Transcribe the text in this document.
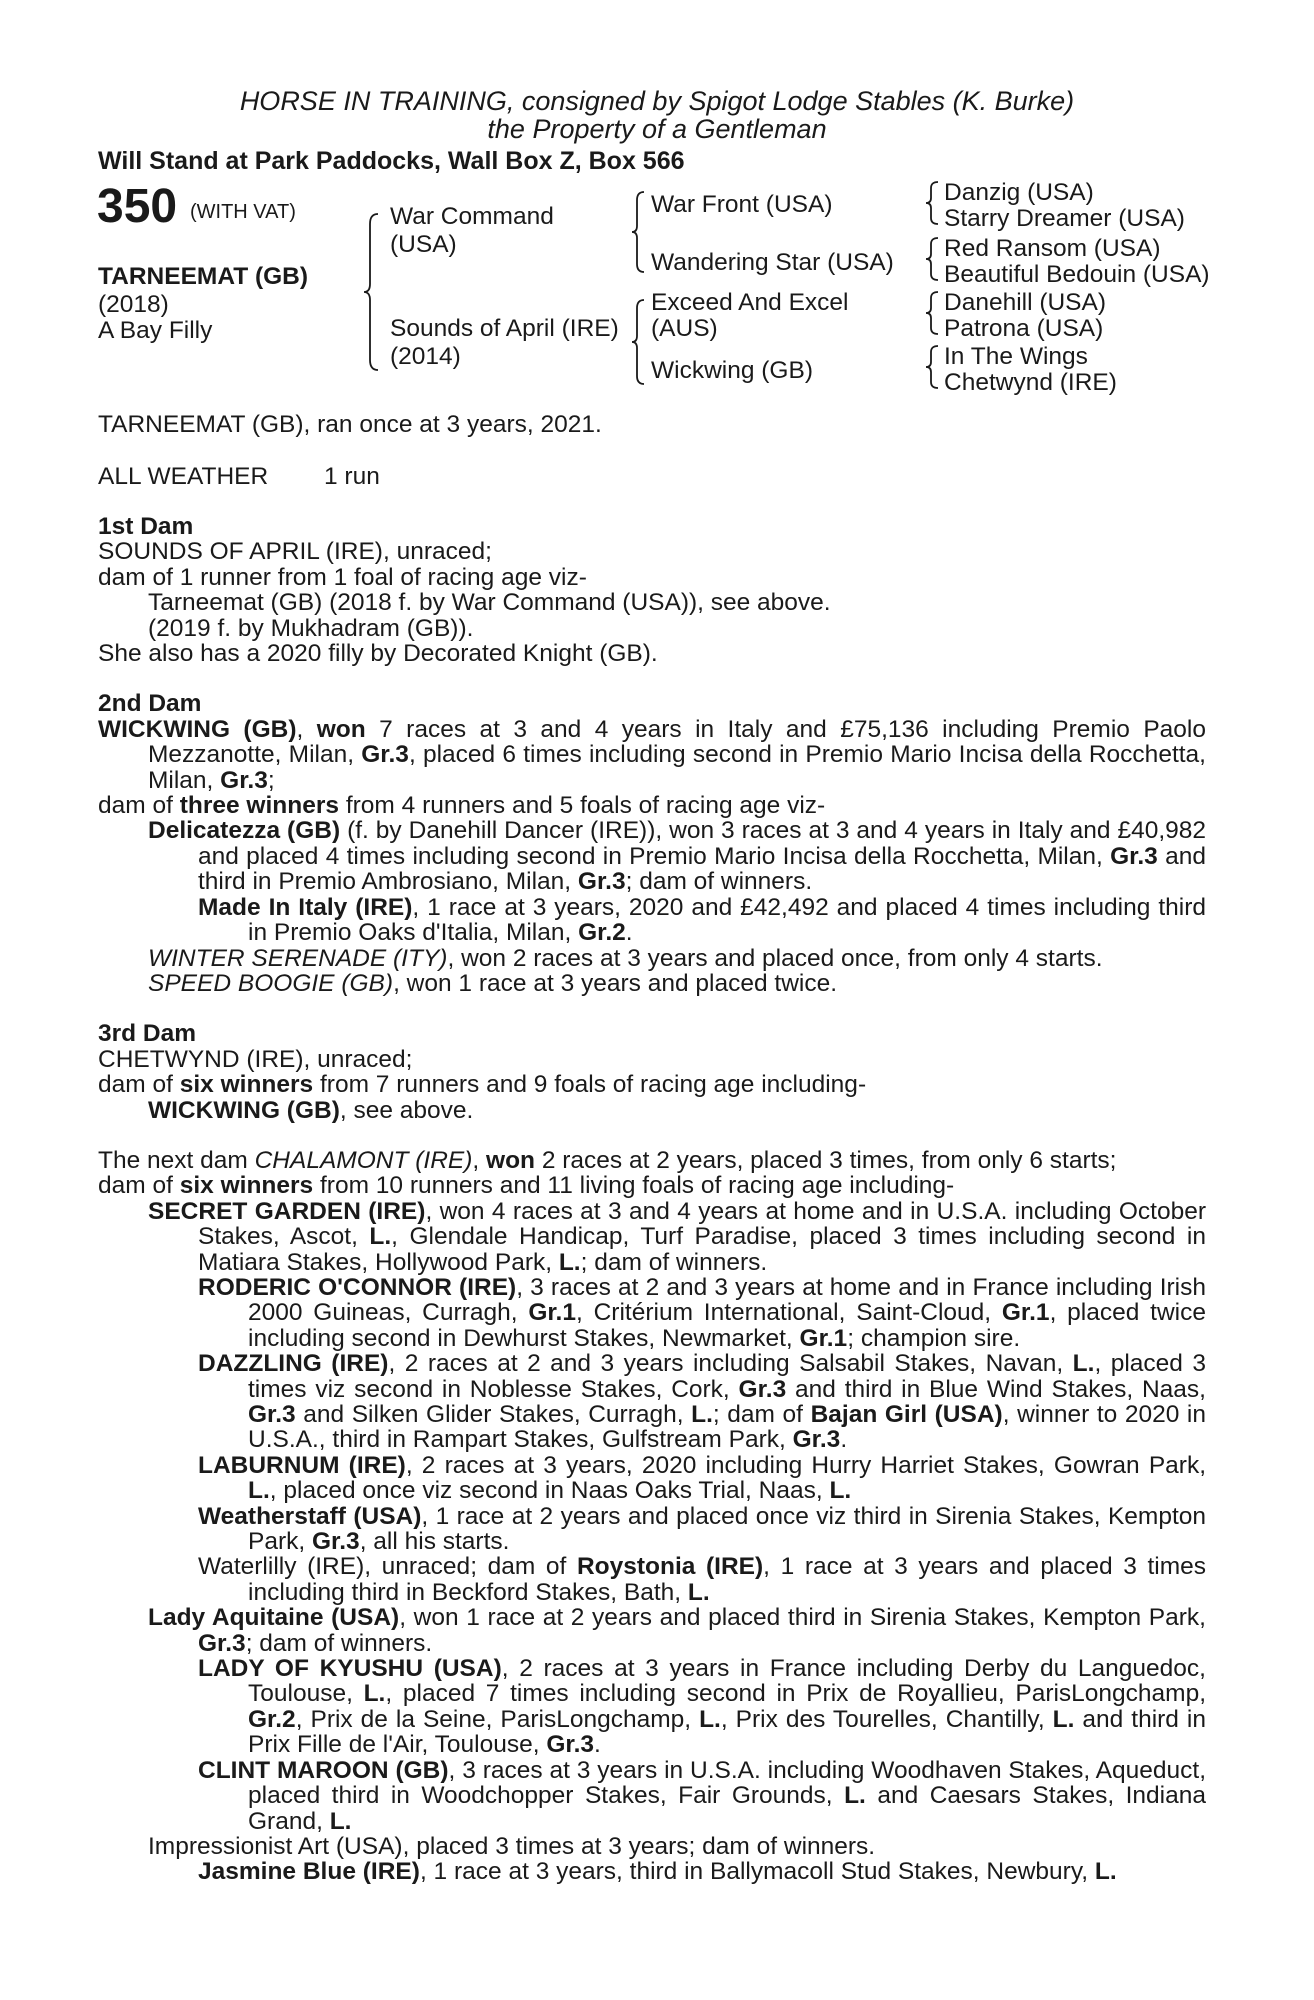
HORSE IN TRAINING, consigned by Spigot Lodge Stables (K. Burke)
the Property of a Gentleman
Will Stand at Park Paddocks, Wall Box Z, Box 566
350 (WITH VAT)
TARNEEMAT (GB)
(2018)
A Bay Filly
War Command
(USA)
Sounds of April (IRE)
(2014)
War Front (USA)
Wandering Star (USA)
Exceed And Excel
(AUS)
Wickwing (GB)
Danzig (USA)
Starry Dreamer (USA)
Red Ransom (USA)
Beautiful Bedouin (USA)
Danehill (USA)
Patrona (USA)
In The Wings
Chetwynd (IRE)
TARNEEMAT (GB), ran once at 3 years, 2021.
ALL WEATHER 1 run
1st Dam
SOUNDS OF APRIL (IRE), unraced;
dam of 1 runner from 1 foal of racing age viz-
Tarneemat (GB) (2018 f. by War Command (USA)), see above.
(2019 f. by Mukhadram (GB)).
She also has a 2020 filly by Decorated Knight (GB).
2nd Dam
WICKWING (GB), won 7 races at 3 and 4 years in Italy and £75,136 including Premio Paolo Mezzanotte, Milan, Gr.3, placed 6 times including second in Premio Mario Incisa della Rocchetta, Milan, Gr.3;
dam of three winners from 4 runners and 5 foals of racing age viz-
Delicatezza (GB) (f. by Danehill Dancer (IRE)), won 3 races at 3 and 4 years in Italy and £40,982 and placed 4 times including second in Premio Mario Incisa della Rocchetta, Milan, Gr.3 and third in Premio Ambrosiano, Milan, Gr.3; dam of winners.
Made In Italy (IRE), 1 race at 3 years, 2020 and £42,492 and placed 4 times including third in Premio Oaks d'Italia, Milan, Gr.2.
WINTER SERENADE (ITY), won 2 races at 3 years and placed once, from only 4 starts.
SPEED BOOGIE (GB), won 1 race at 3 years and placed twice.
3rd Dam
CHETWYND (IRE), unraced;
dam of six winners from 7 runners and 9 foals of racing age including-
WICKWING (GB), see above.
The next dam CHALAMONT (IRE), won 2 races at 2 years, placed 3 times, from only 6 starts;
dam of six winners from 10 runners and 11 living foals of racing age including-
SECRET GARDEN (IRE), won 4 races at 3 and 4 years at home and in U.S.A. including October Stakes, Ascot, L., Glendale Handicap, Turf Paradise, placed 3 times including second in Matiara Stakes, Hollywood Park, L.; dam of winners.
RODERIC O'CONNOR (IRE), 3 races at 2 and 3 years at home and in France including Irish 2000 Guineas, Curragh, Gr.1, Critérium International, Saint-Cloud, Gr.1, placed twice including second in Dewhurst Stakes, Newmarket, Gr.1; champion sire.
DAZZLING (IRE), 2 races at 2 and 3 years including Salsabil Stakes, Navan, L., placed 3 times viz second in Noblesse Stakes, Cork, Gr.3 and third in Blue Wind Stakes, Naas, Gr.3 and Silken Glider Stakes, Curragh, L.; dam of Bajan Girl (USA), winner to 2020 in U.S.A., third in Rampart Stakes, Gulfstream Park, Gr.3.
LABURNUM (IRE), 2 races at 3 years, 2020 including Hurry Harriet Stakes, Gowran Park, L., placed once viz second in Naas Oaks Trial, Naas, L.
Weatherstaff (USA), 1 race at 2 years and placed once viz third in Sirenia Stakes, Kempton Park, Gr.3, all his starts.
Waterlilly (IRE), unraced; dam of Roystonia (IRE), 1 race at 3 years and placed 3 times including third in Beckford Stakes, Bath, L.
Lady Aquitaine (USA), won 1 race at 2 years and placed third in Sirenia Stakes, Kempton Park, Gr.3; dam of winners.
LADY OF KYUSHU (USA), 2 races at 3 years in France including Derby du Languedoc, Toulouse, L., placed 7 times including second in Prix de Royallieu, ParisLongchamp, Gr.2, Prix de la Seine, ParisLongchamp, L., Prix des Tourelles, Chantilly, L. and third in Prix Fille de l'Air, Toulouse, Gr.3.
CLINT MAROON (GB), 3 races at 3 years in U.S.A. including Woodhaven Stakes, Aqueduct, placed third in Woodchopper Stakes, Fair Grounds, L. and Caesars Stakes, Indiana Grand, L.
Impressionist Art (USA), placed 3 times at 3 years; dam of winners.
Jasmine Blue (IRE), 1 race at 3 years, third in Ballymacoll Stud Stakes, Newbury, L.
